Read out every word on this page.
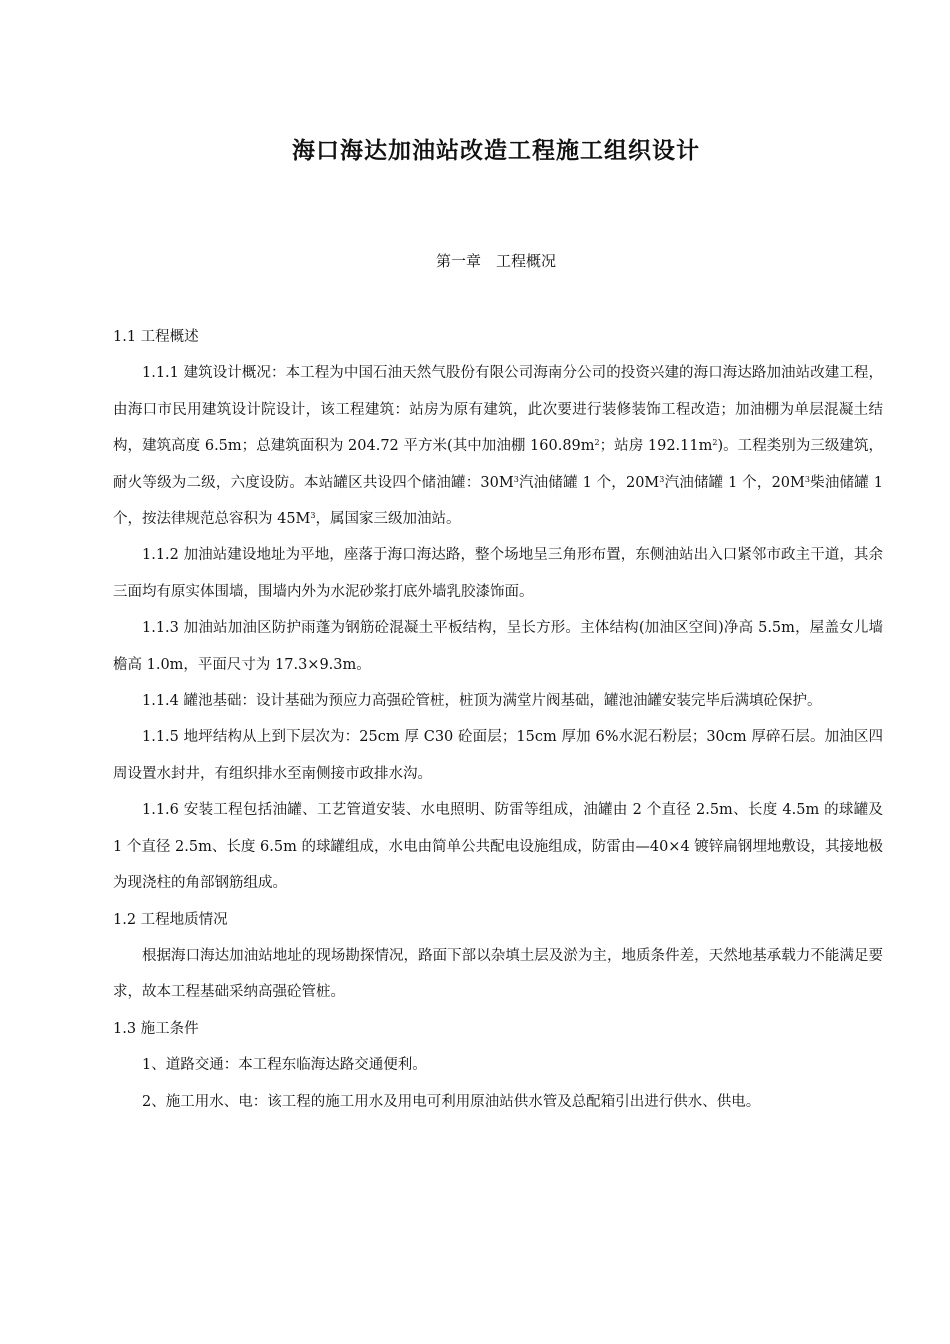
海口海达加油站改造工程施工组织设计
第一章　工程概况

1.1 工程概述

1.1.1 建筑设计概况：本工程为中国石油天然气股份有限公司海南分公司的投资兴建的海口海达路加油站改建工程，由海口市民用建筑设计院设计，该工程建筑：站房为原有建筑，此次要进行装修装饰工程改造；加油棚为单层混凝土结构，建筑高度 6.5m；总建筑面积为 204.72 平方米(其中加油棚 $160.89m^2$；站房 $192.11m^2$)。工程类别为三级建筑，耐火等级为二级，六度设防。本站罐区共设四个储油罐：$30M^3$汽油储罐 1 个，$20M^3$汽油储罐 1 个，$20M^3$柴油储罐 1 个，按法律规范总容积为 $45M^3$，属国家三级加油站。

1.1.2 加油站建设地址为平地，座落于海口海达路，整个场地呈三角形布置，东侧油站出入口紧邻市政主干道，其余三面均有原实体围墙，围墙内外为水泥砂浆打底外墙乳胶漆饰面。

1.1.3 加油站加油区防护雨蓬为钢筋砼混凝土平板结构，呈长方形。主体结构(加油区空间)净高 5.5m，屋盖女儿墙檐高 1.0m，平面尺寸为 17.3×9.3m。

1.1.4 罐池基础：设计基础为预应力高强砼管桩，桩顶为满堂片阀基础，罐池油罐安装完毕后满填砼保护。

1.1.5 地坪结构从上到下层次为：25cm 厚 C30 砼面层；15cm 厚加 6%水泥石粉层；30cm 厚碎石层。加油区四周设置水封井，有组织排水至南侧接市政排水沟。

1.1.6 安装工程包括油罐、工艺管道安装、水电照明、防雷等组成，油罐由 2 个直径 2.5m、长度 4.5m 的球罐及 1 个直径 2.5m、长度 6.5m 的球罐组成，水电由简单公共配电设施组成，防雷由—40×4 镀锌扁钢埋地敷设，其接地极为现浇柱的角部钢筋组成。

1.2 工程地质情况

根据海口海达加油站地址的现场勘探情况，路面下部以杂填土层及淤为主，地质条件差，天然地基承载力不能满足要求，故本工程基础采纳高强砼管桩。

1.3 施工条件

1、道路交通：本工程东临海达路交通便利。

2、施工用水、电：该工程的施工用水及用电可利用原油站供水管及总配箱引出进行供水、供电。
